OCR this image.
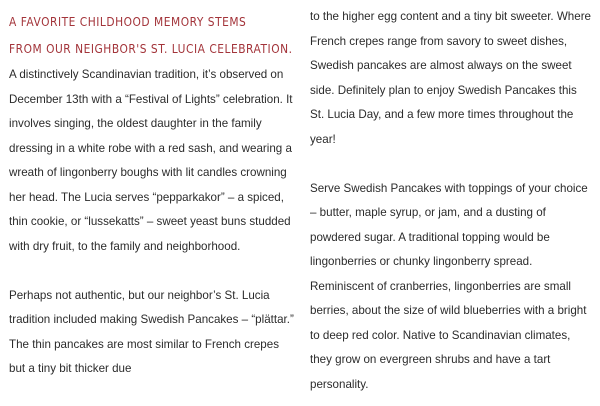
A FAVORITE CHILDHOOD MEMORY STEMS
FROM OUR NEIGHBOR'S ST. LUCIA CELEBRATION.

A distinctively Scandinavian tradition, it’s observed on December 13th with a “Festival of Lights” celebration. It involves singing, the oldest daughter in the family dressing in a white robe with a red sash, and wearing a wreath of lingonberry boughs with lit candles crowning her head. The Lucia serves “pepparkakor” – a spiced, thin cookie, or “lussekatts” – sweet yeast buns studded with dry fruit, to the family and neighborhood.

Perhaps not authentic, but our neighbor’s St. Lucia tradition included making Swedish Pancakes – “plättar.” The thin pancakes are most similar to French crepes but a tiny bit thicker due

to the higher egg content and a tiny bit sweeter. Where French crepes range from savory to sweet dishes, Swedish pancakes are almost always on the sweet side. Definitely plan to enjoy Swedish Pancakes this St. Lucia Day, and a few more times throughout the year!

Serve Swedish Pancakes with toppings of your choice – butter, maple syrup, or jam, and a dusting of powdered sugar. A traditional topping would be lingonberries or chunky lingonberry spread. Reminiscent of cranberries, lingonberries are small berries, about the size of wild blueberries with a bright to deep red color. Native to Scandinavian climates, they grow on evergreen shrubs and have a tart personality.
